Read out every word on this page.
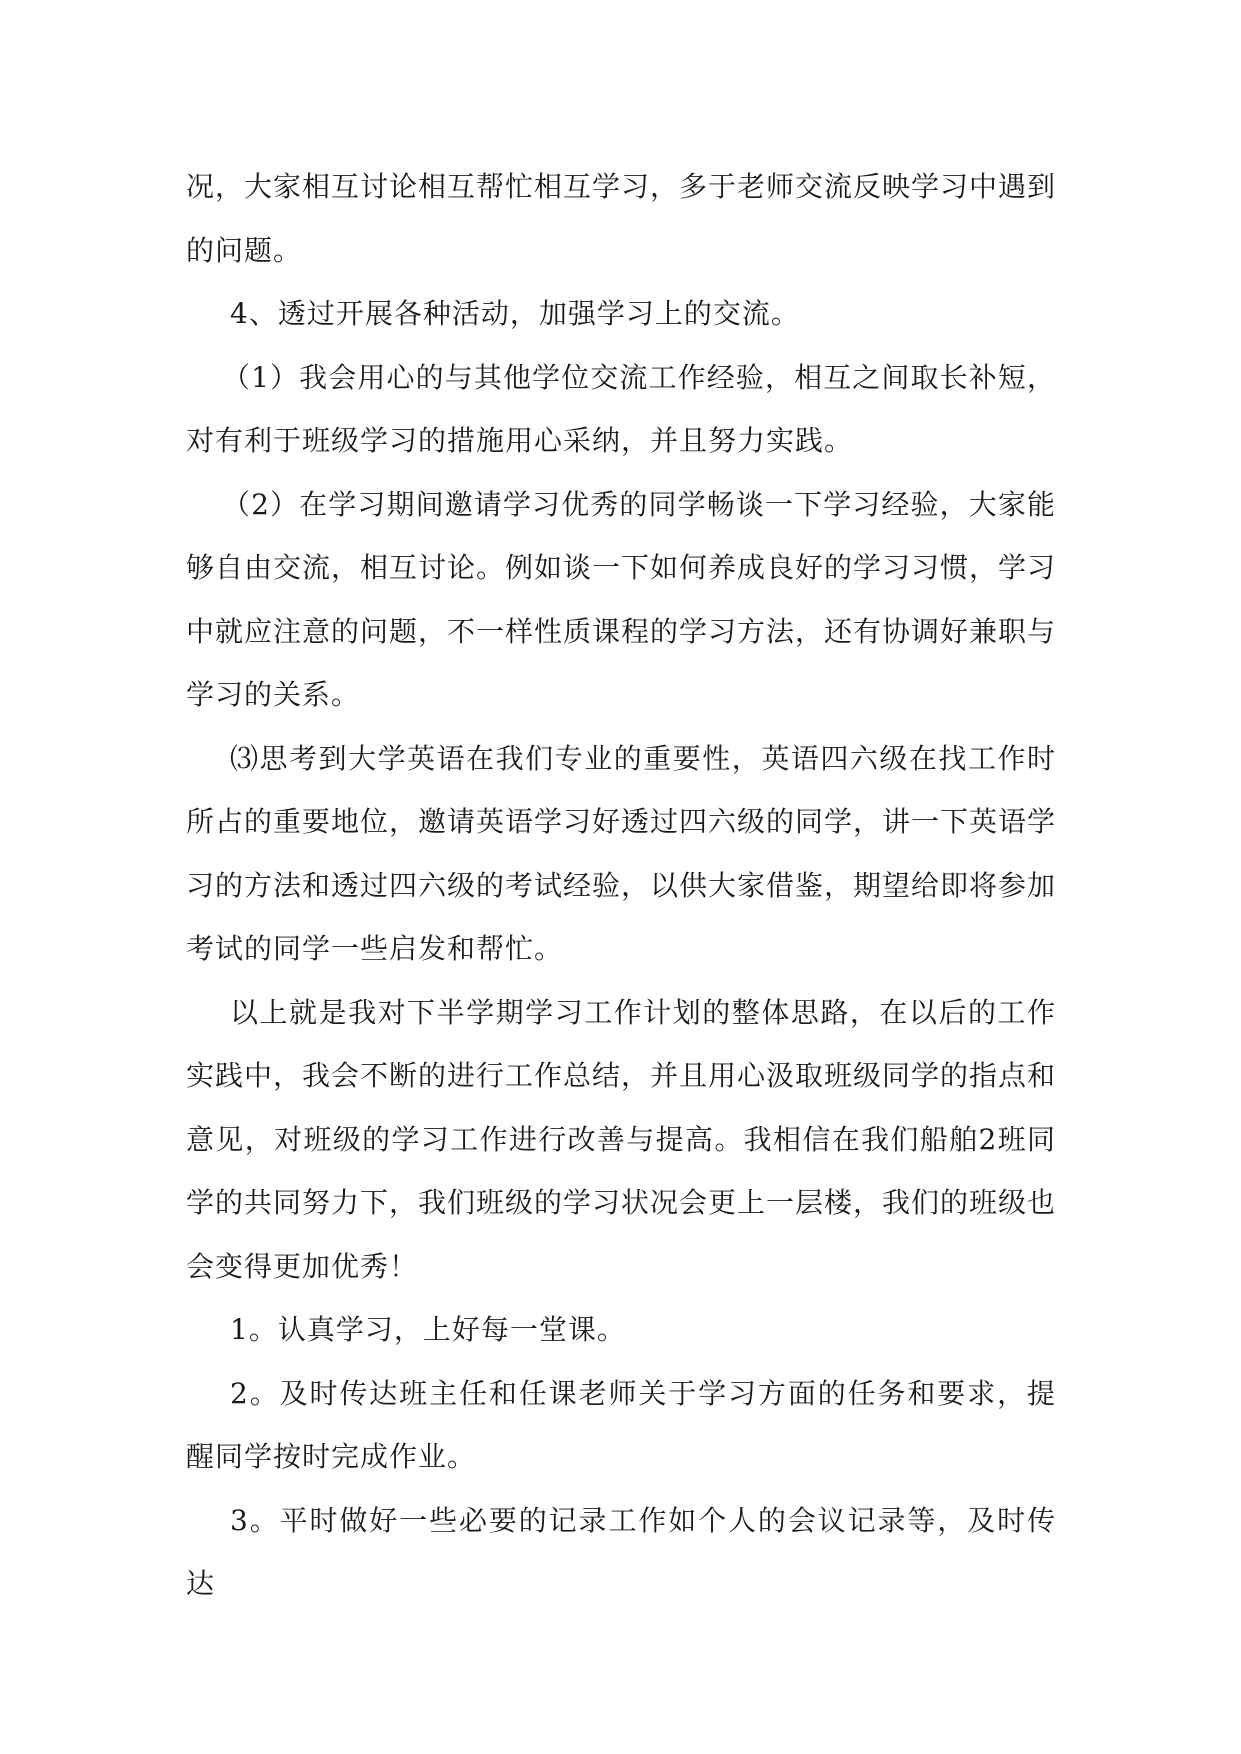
况，大家相互讨论相互帮忙相互学习，多于老师交流反映学习中遇到的问题。

4、透过开展各种活动，加强学习上的交流。

（1）我会用心的与其他学位交流工作经验，相互之间取长补短，对有利于班级学习的措施用心采纳，并且努力实践。

（2）在学习期间邀请学习优秀的同学畅谈一下学习经验，大家能够自由交流，相互讨论。例如谈一下如何养成良好的学习习惯，学习中就应注意的问题，不一样性质课程的学习方法，还有协调好兼职与学习的关系。

⑶思考到大学英语在我们专业的重要性，英语四六级在找工作时所占的重要地位，邀请英语学习好透过四六级的同学，讲一下英语学习的方法和透过四六级的考试经验，以供大家借鉴，期望给即将参加考试的同学一些启发和帮忙。

以上就是我对下半学期学习工作计划的整体思路，在以后的工作实践中，我会不断的进行工作总结，并且用心汲取班级同学的指点和意见，对班级的学习工作进行改善与提高。我相信在我们船舶2班同学的共同努力下，我们班级的学习状况会更上一层楼，我们的班级也会变得更加优秀！

1。认真学习，上好每一堂课。

2。及时传达班主任和任课老师关于学习方面的任务和要求，提醒同学按时完成作业。

3。平时做好一些必要的记录工作如个人的会议记录等，及时传达
